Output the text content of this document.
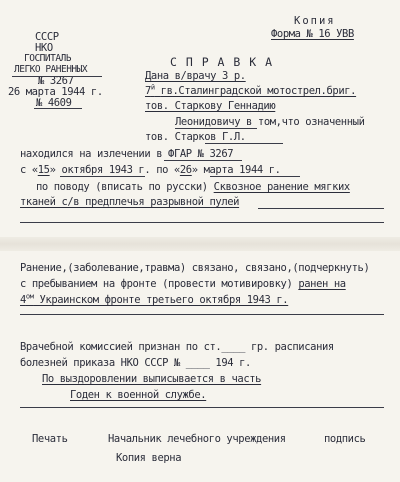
Копия
Форма № 16 УВВ
СССР
НКО
ГОСПИТАЛЬ
ЛЕГКО РАНЕННЫХ
№ 3267
26 марта 1944 г.
№ 4609
С П Р А В К А
Дана в/врачу 3 р.
$7^й$ гв.Сталинградской мотострел.бриг.
тов. Старкову Геннадию
Леонидовичу в том,что означенный
тов. Старков Г.Л.
находился на излечении в ФГАР № 3267
с «15» октября 1943 г. по «26» марта 1944 г.
по поводу (вписать по русски) Сквозное ранение мягких
тканей с/в предплечья разрывной пулей
Ранение,(заболевание,травма) связано, связано,(подчеркнуть)
с пребыванием на фронте (провести мотивировку) ранен на
$4^{ом}$ Украинском фронте третьего октября 1943 г.
Врачебной комиссией признан по ст.____ гр. расписания
болезней приказа НКО СССР № ____ 194 г.
По выздоровлении выписывается в часть
Годен к военной службе.
Печать	Начальник лечебного учреждения	подпись
Копия верна
